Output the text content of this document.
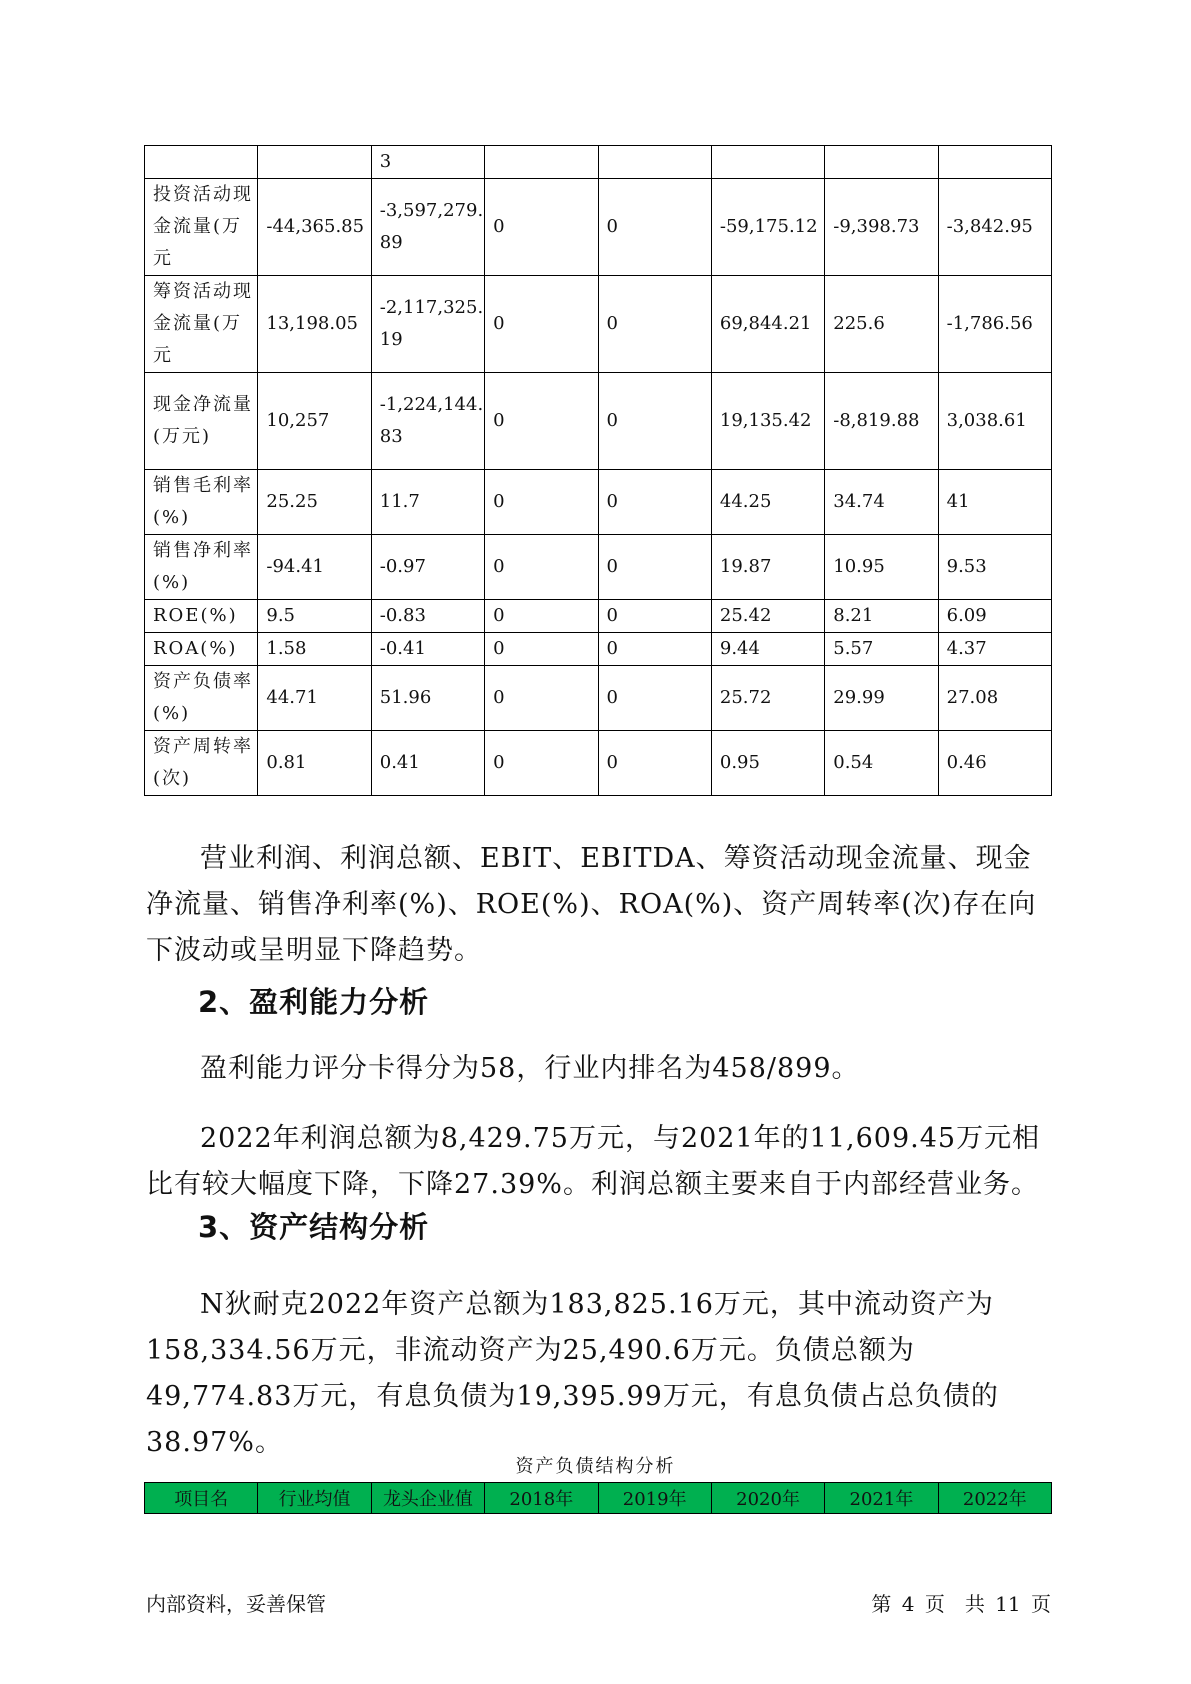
		3					
投资活动现金流量(万元	-44,365.85	-3,597,279.89	0	0	-59,175.12	-9,398.73	-3,842.95
筹资活动现金流量(万元	13,198.05	-2,117,325.19	0	0	69,844.21	225.6	-1,786.56
现金净流量(万元)	10,257	-1,224,144.83	0	0	19,135.42	-8,819.88	3,038.61
销售毛利率(%)	25.25	11.7	0	0	44.25	34.74	41
销售净利率(%)	-94.41	-0.97	0	0	19.87	10.95	9.53
ROE(%)	9.5	-0.83	0	0	25.42	8.21	6.09
ROA(%)	1.58	-0.41	0	0	9.44	5.57	4.37
资产负债率(%)	44.71	51.96	0	0	25.72	29.99	27.08
资产周转率(次)	0.81	0.41	0	0	0.95	0.54	0.46
营业利润、利润总额、EBIT、EBITDA、筹资活动现金流量、现金净流量、销售净利率(%)、ROE(%)、ROA(%)、资产周转率(次)存在向下波动或呈明显下降趋势。
2、盈利能力分析
盈利能力评分卡得分为58，行业内排名为458/899。
2022年利润总额为8,429.75万元，与2021年的11,609.45万元相比有较大幅度下降，下降27.39%。利润总额主要来自于内部经营业务。
3、资产结构分析
N狄耐克2022年资产总额为183,825.16万元，其中流动资产为158,334.56万元，非流动资产为25,490.6万元。负债总额为49,774.83万元，有息负债为19,395.99万元，有息负债占总负债的38.97%。
资产负债结构分析
项目名	行业均值	龙头企业值	2018年	2019年	2020年	2021年	2022年
内部资料，妥善保管	第 4 页　共 11 页
